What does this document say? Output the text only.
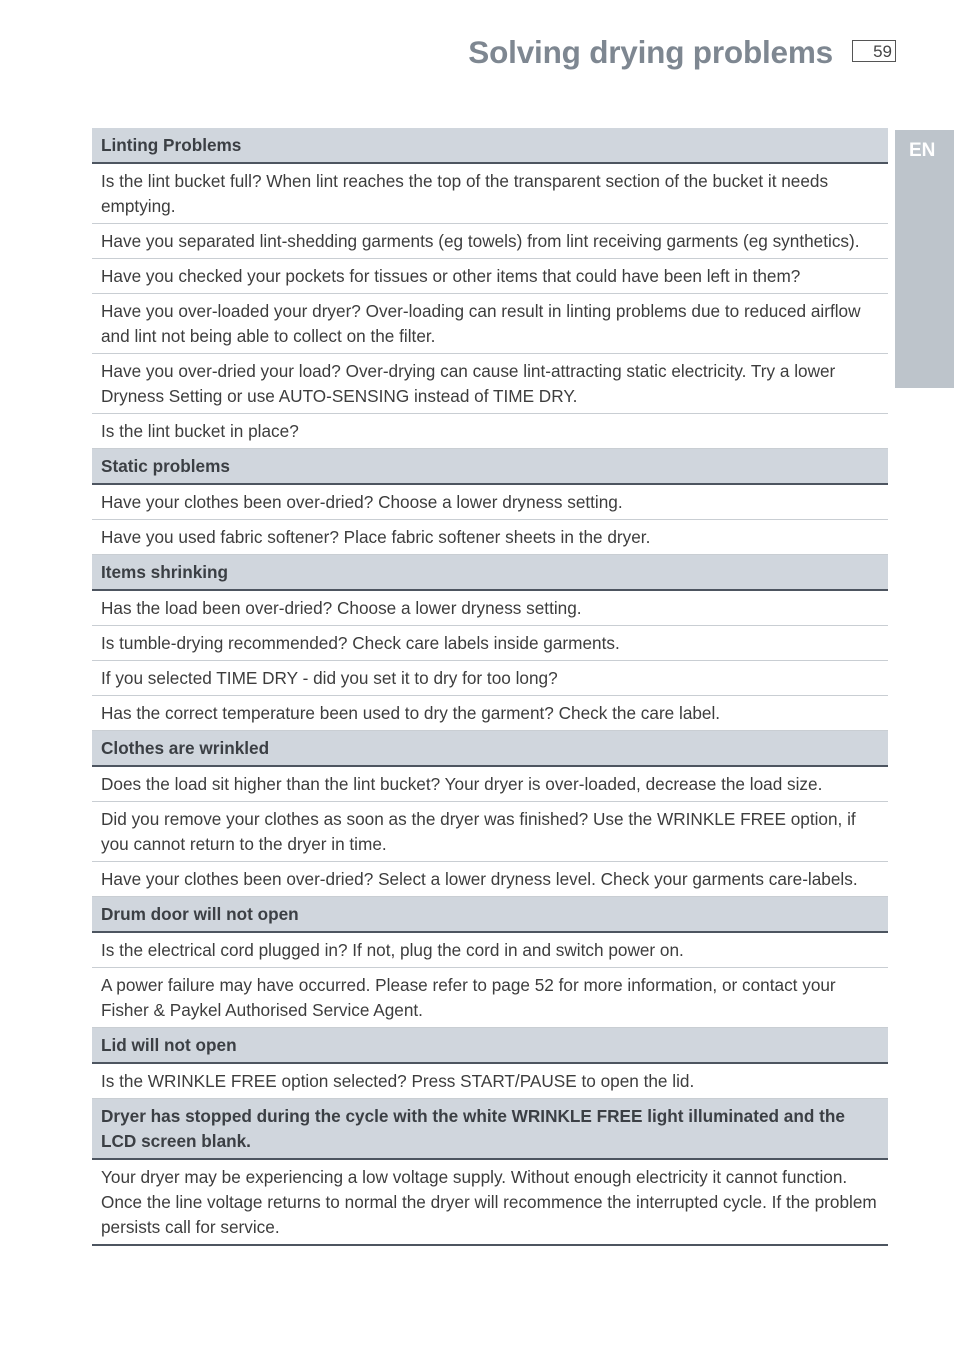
Solving drying problems	59
EN
Linting Problems
Is the lint bucket full? When lint reaches the top of the transparent section of the bucket it needs emptying.
Have you separated lint-shedding garments (eg towels) from lint receiving garments (eg synthetics).
Have you checked your pockets for tissues or other items that could have been left in them?
Have you over-loaded your dryer? Over-loading can result in linting problems due to reduced airflow and lint not being able to collect on the filter.
Have you over-dried your load? Over-drying can cause lint-attracting static electricity. Try a lower Dryness Setting or use AUTO-SENSING instead of TIME DRY.
Is the lint bucket in place?
Static problems
Have your clothes been over-dried? Choose a lower dryness setting.
Have you used fabric softener? Place fabric softener sheets in the dryer.
Items shrinking
Has the load been over-dried? Choose a lower dryness setting.
Is tumble-drying recommended? Check care labels inside garments.
If you selected TIME DRY - did you set it to dry for too long?
Has the correct temperature been used to dry the garment? Check the care label.
Clothes are wrinkled
Does the load sit higher than the lint bucket? Your dryer is over-loaded, decrease the load size.
Did you remove your clothes as soon as the dryer was finished? Use the WRINKLE FREE option, if you cannot return to the dryer in time.
Have your clothes been over-dried? Select a lower dryness level. Check your garments care-labels.
Drum door will not open
Is the electrical cord plugged in? If not, plug the cord in and switch power on.
A power failure may have occurred. Please refer to page 52 for more information, or contact your Fisher & Paykel Authorised Service Agent.
Lid will not open
Is the WRINKLE FREE option selected? Press START/PAUSE to open the lid.
Dryer has stopped during the cycle with the white WRINKLE FREE light illuminated and the LCD screen blank.
Your dryer may be experiencing a low voltage supply. Without enough electricity it cannot function. Once the line voltage returns to normal the dryer will recommence the interrupted cycle. If the problem persists call for service.
